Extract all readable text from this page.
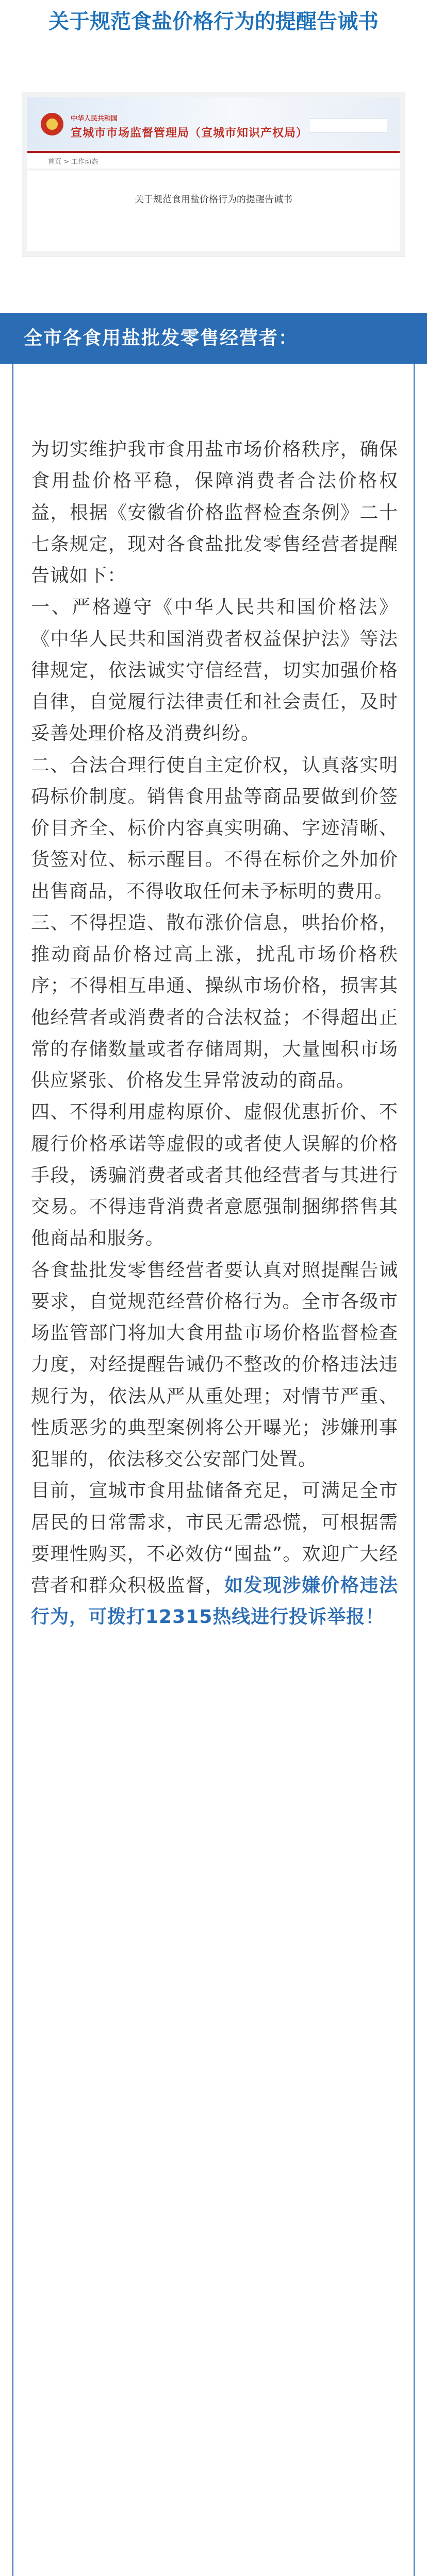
关于规范食盐价格行为的提醒告诫书
中华人民共和国
宣城市市场监督管理局（宣城市知识产权局）
首页 > 工作动态
关于规范食用盐价格行为的提醒告诫书
全市各食用盐批发零售经营者：

为切实维护我市食用盐市场价格秩序，确保食用盐价格平稳，保障消费者合法价格权益，根据《安徽省价格监督检查条例》二十七条规定，现对各食盐批发零售经营者提醒告诫如下：

一、严格遵守《中华人民共和国价格法》《中华人民共和国消费者权益保护法》等法律规定，依法诚实守信经营，切实加强价格自律，自觉履行法律责任和社会责任，及时妥善处理价格及消费纠纷。

二、合法合理行使自主定价权，认真落实明码标价制度。销售食用盐等商品要做到价签价目齐全、标价内容真实明确、字迹清晰、货签对位、标示醒目。不得在标价之外加价出售商品，不得收取任何未予标明的费用。

三、不得捏造、散布涨价信息，哄抬价格，推动商品价格过高上涨，扰乱市场价格秩序；不得相互串通、操纵市场价格，损害其他经营者或消费者的合法权益；不得超出正常的存储数量或者存储周期，大量囤积市场供应紧张、价格发生异常波动的商品。

四、不得利用虚构原价、虚假优惠折价、不履行价格承诺等虚假的或者使人误解的价格手段，诱骗消费者或者其他经营者与其进行交易。不得违背消费者意愿强制捆绑搭售其他商品和服务。

各食盐批发零售经营者要认真对照提醒告诫要求，自觉规范经营价格行为。全市各级市场监管部门将加大食用盐市场价格监督检查力度，对经提醒告诫仍不整改的价格违法违规行为，依法从严从重处理；对情节严重、性质恶劣的典型案例将公开曝光；涉嫌刑事犯罪的，依法移交公安部门处置。

目前，宣城市食用盐储备充足，可满足全市居民的日常需求，市民无需恐慌，可根据需要理性购买，不必效仿“囤盐”。欢迎广大经营者和群众积极监督，如发现涉嫌价格违法行为，可拨打12315热线进行投诉举报！
